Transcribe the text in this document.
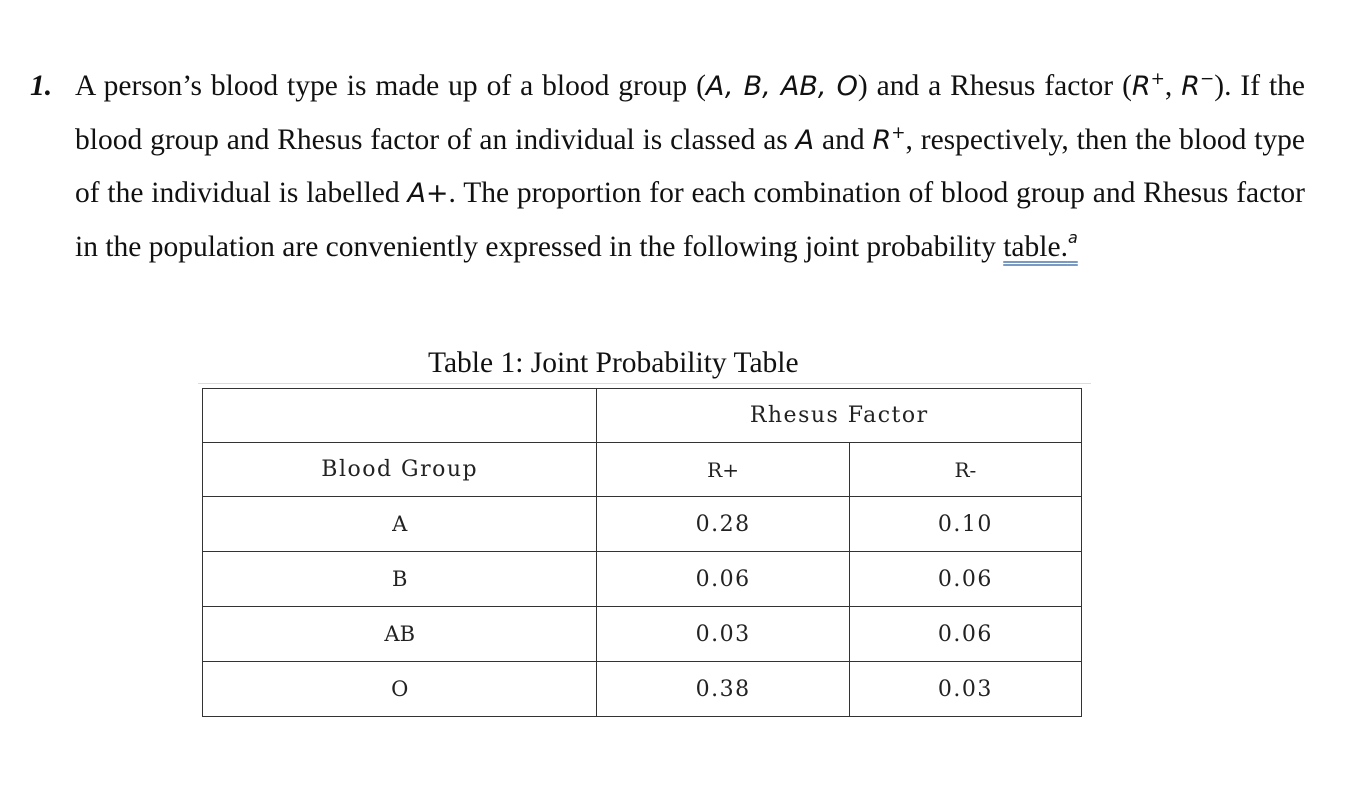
1. A person’s blood type is made up of a blood group (A, B, AB, O) and a Rhesus factor (R+, R−). If the blood group and Rhesus factor of an individual is classed as A and R+, respectively, then the blood type of the individual is labelled A+. The proportion for each combination of blood group and Rhesus factor in the population are conveniently expressed in the following joint probability table.$^a$
Table 1: Joint Probability Table
	Rhesus Factor	
Blood Group	R+	R-
A	0.28	0.10
B	0.06	0.06
AB	0.03	0.06
O	0.38	0.03
